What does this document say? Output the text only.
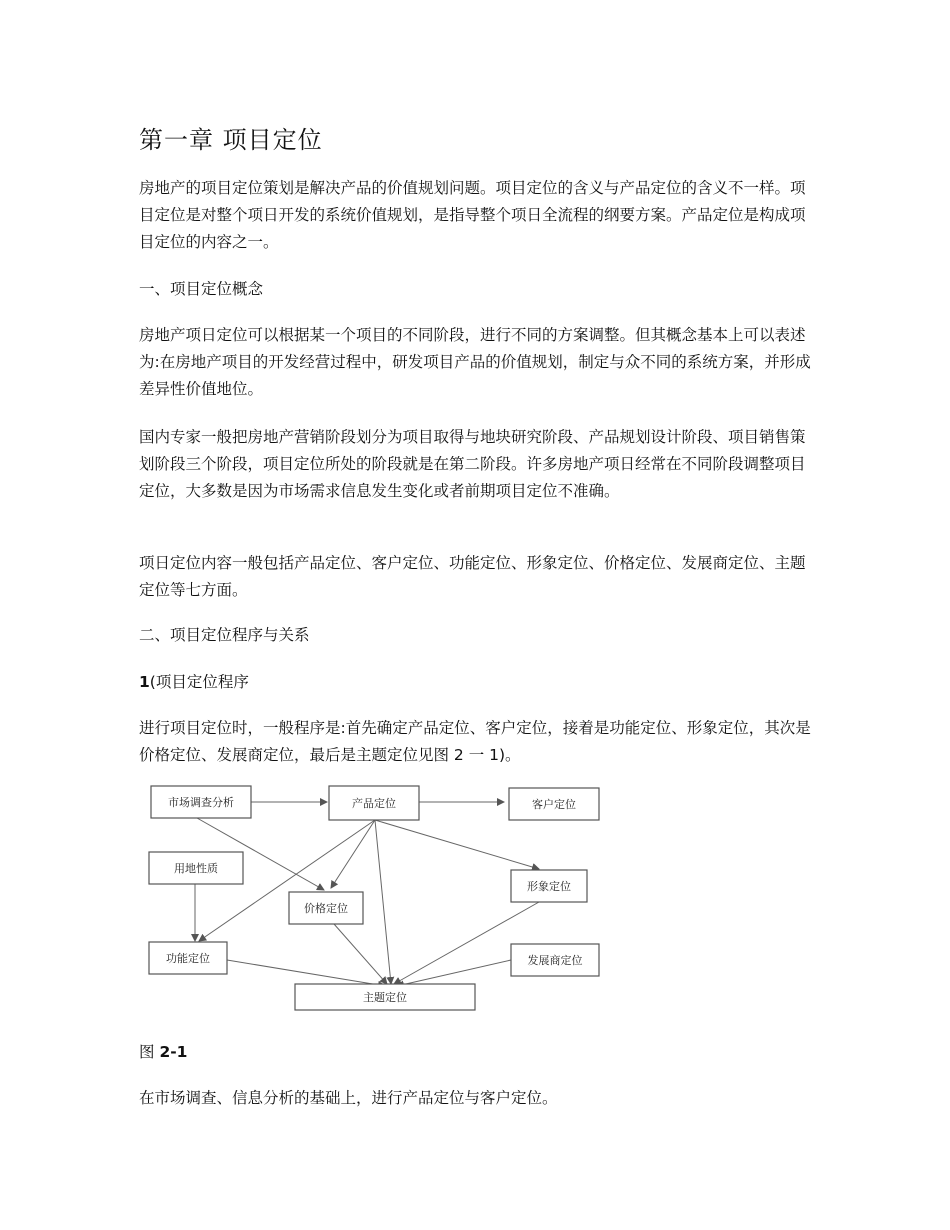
第一章 项目定位

房地产的项目定位策划是解决产品的价值规划问题。项目定位的含义与产品定位的含义不一样。项目定位是对整个项日开发的系统价值规划，是指导整个项日全流程的纲要方案。产品定位是构成项目定位的内容之一。

一、项目定位概念

房地产项日定位可以根据某一个项目的不同阶段，进行不同的方案调整。但其概念基本上可以表述为:在房地产项目的开发经营过程中，研发项目产品的价值规划，制定与众不同的系统方案，并形成差异性价值地位。

国内专家一般把房地产营销阶段划分为项目取得与地块研究阶段、产品规划设计阶段、项目销售策划阶段三个阶段，项目定位所处的阶段就是在第二阶段。许多房地产项日经常在不同阶段调整项目定位，大多数是因为市场需求信息发生变化或者前期项目定位不准确。

项日定位内容一般包括产品定位、客户定位、功能定位、形象定位、价格定位、发展商定位、主题定位等七方面。

二、项目定位程序与关系

1(项目定位程序

进行项目定位时，一般程序是:首先确定产品定位、客户定位，接着是功能定位、形象定位，其次是价格定位、发展商定位，最后是主题定位见图 2 一 1)。

市场调查分析	产品定位	客户定位
用地性质
价格定位
形象定位
功能定位	发展商定位
主题定位

图 2-1

在市场调查、信息分析的基础上，进行产品定位与客户定位。
